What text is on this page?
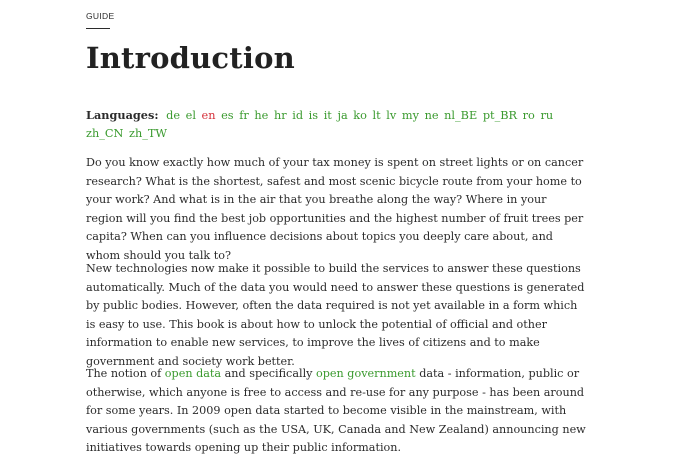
GUIDE
Introduction
Languages: de el en es fr he hr id is it ja ko lt lv my ne nl_BE pt_BR ro ru zh_CN zh_TW

Do you know exactly how much of your tax money is spent on street lights or on cancer research? What is the shortest, safest and most scenic bicycle route from your home to your work? And what is in the air that you breathe along the way? Where in your region will you find the best job opportunities and the highest number of fruit trees per capita? When can you influence decisions about topics you deeply care about, and whom should you talk to?

New technologies now make it possible to build the services to answer these questions automatically. Much of the data you would need to answer these questions is generated by public bodies. However, often the data required is not yet available in a form which is easy to use. This book is about how to unlock the potential of official and other information to enable new services, to improve the lives of citizens and to make government and society work better.

The notion of open data and specifically open government data - information, public or otherwise, which anyone is free to access and re-use for any purpose - has been around for some years. In 2009 open data started to become visible in the mainstream, with various governments (such as the USA, UK, Canada and New Zealand) announcing new initiatives towards opening up their public information.
